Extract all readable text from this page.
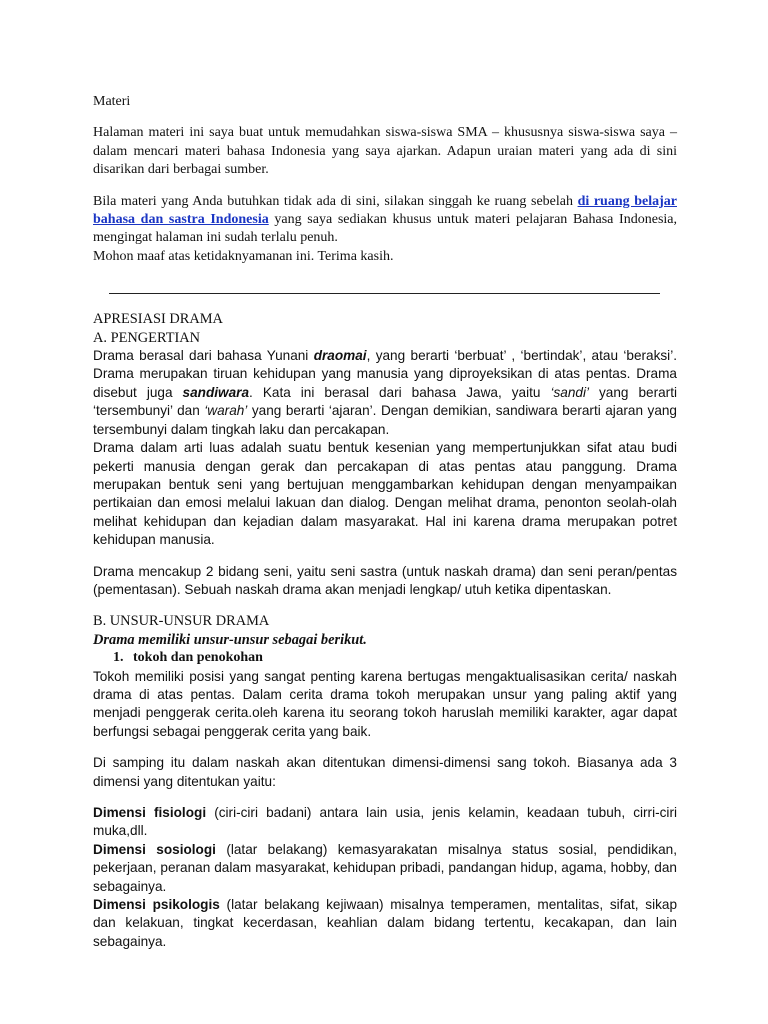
Materi

Halaman materi ini saya buat untuk memudahkan siswa-siswa SMA – khususnya siswa-siswa saya – dalam mencari materi bahasa Indonesia yang saya ajarkan. Adapun uraian materi yang ada di sini disarikan dari berbagai sumber.

Bila materi yang Anda butuhkan tidak ada di sini, silakan singgah ke ruang sebelah di ruang belajar bahasa dan sastra Indonesia yang saya sediakan khusus untuk materi pelajaran Bahasa Indonesia, mengingat halaman ini sudah terlalu penuh.

Mohon maaf atas ketidaknyamanan ini. Terima kasih.

APRESIASI DRAMA

A. PENGERTIAN

Drama berasal dari bahasa Yunani draomai, yang berarti ‘berbuat’ , ‘bertindak’, atau ‘beraksi’. Drama merupakan tiruan kehidupan yang manusia yang diproyeksikan di atas pentas. Drama disebut juga sandiwara. Kata ini berasal dari bahasa Jawa, yaitu ‘sandi’ yang berarti ‘tersembunyi’ dan ‘warah’ yang berarti ‘ajaran’. Dengan demikian, sandiwara berarti ajaran yang tersembunyi dalam tingkah laku dan percakapan.

Drama dalam arti luas adalah suatu bentuk kesenian yang mempertunjukkan sifat atau budi pekerti manusia dengan gerak dan percakapan di atas pentas atau panggung. Drama merupakan bentuk seni yang bertujuan menggambarkan kehidupan dengan menyampaikan pertikaian dan emosi melalui lakuan dan dialog. Dengan melihat drama, penonton seolah-olah melihat kehidupan dan kejadian dalam masyarakat. Hal ini karena drama merupakan potret kehidupan manusia.

Drama mencakup 2 bidang seni, yaitu seni sastra (untuk naskah drama) dan seni peran/pentas (pementasan). Sebuah naskah drama akan menjadi lengkap/ utuh ketika dipentaskan.

B. UNSUR-UNSUR DRAMA

Drama memiliki unsur-unsur sebagai berikut.

1. tokoh dan penokohan

Tokoh memiliki posisi yang sangat penting karena bertugas mengaktualisasikan cerita/ naskah drama di atas pentas. Dalam cerita drama tokoh merupakan unsur yang paling aktif yang menjadi penggerak cerita.oleh karena itu seorang tokoh haruslah memiliki karakter, agar dapat berfungsi sebagai penggerak cerita yang baik.

Di samping itu dalam naskah akan ditentukan dimensi-dimensi sang tokoh. Biasanya ada 3 dimensi yang ditentukan yaitu:

Dimensi fisiologi (ciri-ciri badani) antara lain usia, jenis kelamin, keadaan tubuh, cirri-ciri muka,dll.

Dimensi sosiologi (latar belakang) kemasyarakatan misalnya status sosial, pendidikan, pekerjaan, peranan dalam masyarakat, kehidupan pribadi, pandangan hidup, agama, hobby, dan sebagainya.

Dimensi psikologis (latar belakang kejiwaan) misalnya temperamen, mentalitas, sifat, sikap dan kelakuan, tingkat kecerdasan, keahlian dalam bidang tertentu, kecakapan, dan lain sebagainya.
